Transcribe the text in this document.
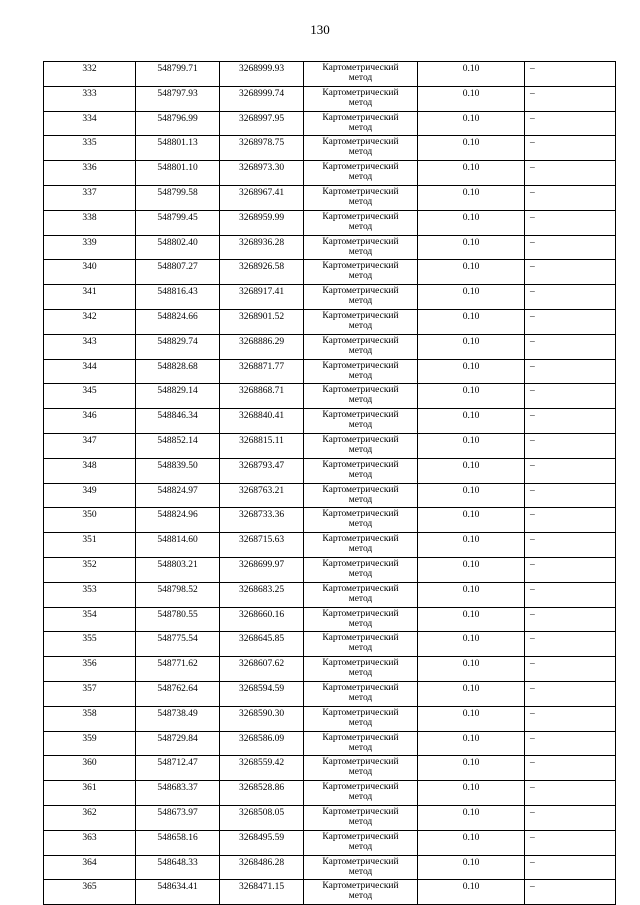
130
332	548799.71	3268999.93	Картометрический
метод	0.10	–
333	548797.93	3268999.74	Картометрический
метод	0.10	–
334	548796.99	3268997.95	Картометрический
метод	0.10	–
335	548801.13	3268978.75	Картометрический
метод	0.10	–
336	548801.10	3268973.30	Картометрический
метод	0.10	–
337	548799.58	3268967.41	Картометрический
метод	0.10	–
338	548799.45	3268959.99	Картометрический
метод	0.10	–
339	548802.40	3268936.28	Картометрический
метод	0.10	–
340	548807.27	3268926.58	Картометрический
метод	0.10	–
341	548816.43	3268917.41	Картометрический
метод	0.10	–
342	548824.66	3268901.52	Картометрический
метод	0.10	–
343	548829.74	3268886.29	Картометрический
метод	0.10	–
344	548828.68	3268871.77	Картометрический
метод	0.10	–
345	548829.14	3268868.71	Картометрический
метод	0.10	–
346	548846.34	3268840.41	Картометрический
метод	0.10	–
347	548852.14	3268815.11	Картометрический
метод	0.10	–
348	548839.50	3268793.47	Картометрический
метод	0.10	–
349	548824.97	3268763.21	Картометрический
метод	0.10	–
350	548824.96	3268733.36	Картометрический
метод	0.10	–
351	548814.60	3268715.63	Картометрический
метод	0.10	–
352	548803.21	3268699.97	Картометрический
метод	0.10	–
353	548798.52	3268683.25	Картометрический
метод	0.10	–
354	548780.55	3268660.16	Картометрический
метод	0.10	–
355	548775.54	3268645.85	Картометрический
метод	0.10	–
356	548771.62	3268607.62	Картометрический
метод	0.10	–
357	548762.64	3268594.59	Картометрический
метод	0.10	–
358	548738.49	3268590.30	Картометрический
метод	0.10	–
359	548729.84	3268586.09	Картометрический
метод	0.10	–
360	548712.47	3268559.42	Картометрический
метод	0.10	–
361	548683.37	3268528.86	Картометрический
метод	0.10	–
362	548673.97	3268508.05	Картометрический
метод	0.10	–
363	548658.16	3268495.59	Картометрический
метод	0.10	–
364	548648.33	3268486.28	Картометрический
метод	0.10	–
365	548634.41	3268471.15	Картометрический
метод	0.10	–
